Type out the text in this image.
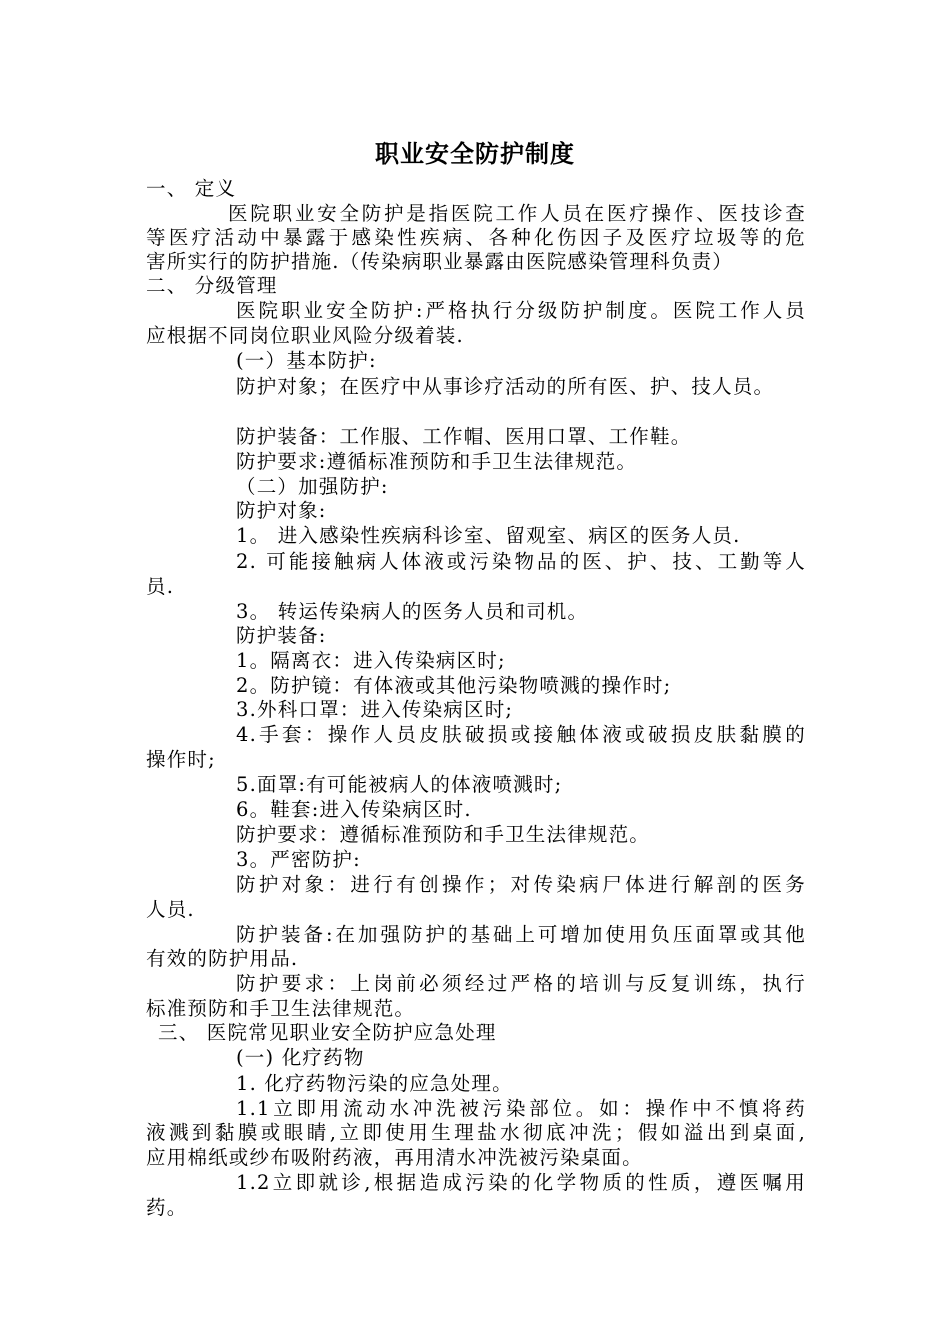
职业安全防护制度
一、 定义
医院职业安全防护是指医院工作人员在医疗操作、医技诊查
等医疗活动中暴露于感染性疾病、各种化伤因子及医疗垃圾等的危
害所实行的防护措施.（传染病职业暴露由医院感染管理科负责）
二、 分级管理
医院职业安全防护:严格执行分级防护制度。医院工作人员
应根据不同岗位职业风险分级着装.
(一）基本防护:
防护对象；在医疗中从事诊疗活动的所有医、护、技人员。
防护装备：工作服、工作帽、医用口罩、工作鞋。
防护要求:遵循标准预防和手卫生法律规范。
（二）加强防护:
防护对象:
1。 进入感染性疾病科诊室、留观室、病区的医务人员.
2. 可能接触病人体液或污染物品的医、护、技、工勤等人
员.
3。 转运传染病人的医务人员和司机。
防护装备:
1。隔离衣：进入传染病区时;
2。防护镜：有体液或其他污染物喷溅的操作时;
3.外科口罩：进入传染病区时;
4.手套：操作人员皮肤破损或接触体液或破损皮肤黏膜的
操作时;
5.面罩:有可能被病人的体液喷溅时;
6。鞋套:进入传染病区时.
防护要求：遵循标准预防和手卫生法律规范。
3。严密防护:
防护对象：进行有创操作；对传染病尸体进行解剖的医务
人员.
防护装备:在加强防护的基础上可增加使用负压面罩或其他
有效的防护用品.
防护要求：上岗前必须经过严格的培训与反复训练，执行
标准预防和手卫生法律规范。
三、 医院常见职业安全防护应急处理
(一) 化疗药物
1. 化疗药物污染的应急处理。
1.1立即用流动水冲洗被污染部位。如：操作中不慎将药
液溅到黏膜或眼睛,立即使用生理盐水彻底冲洗；假如溢出到桌面,
应用棉纸或纱布吸附药液，再用清水冲洗被污染桌面。
1.2立即就诊,根据造成污染的化学物质的性质，遵医嘱用
药。
